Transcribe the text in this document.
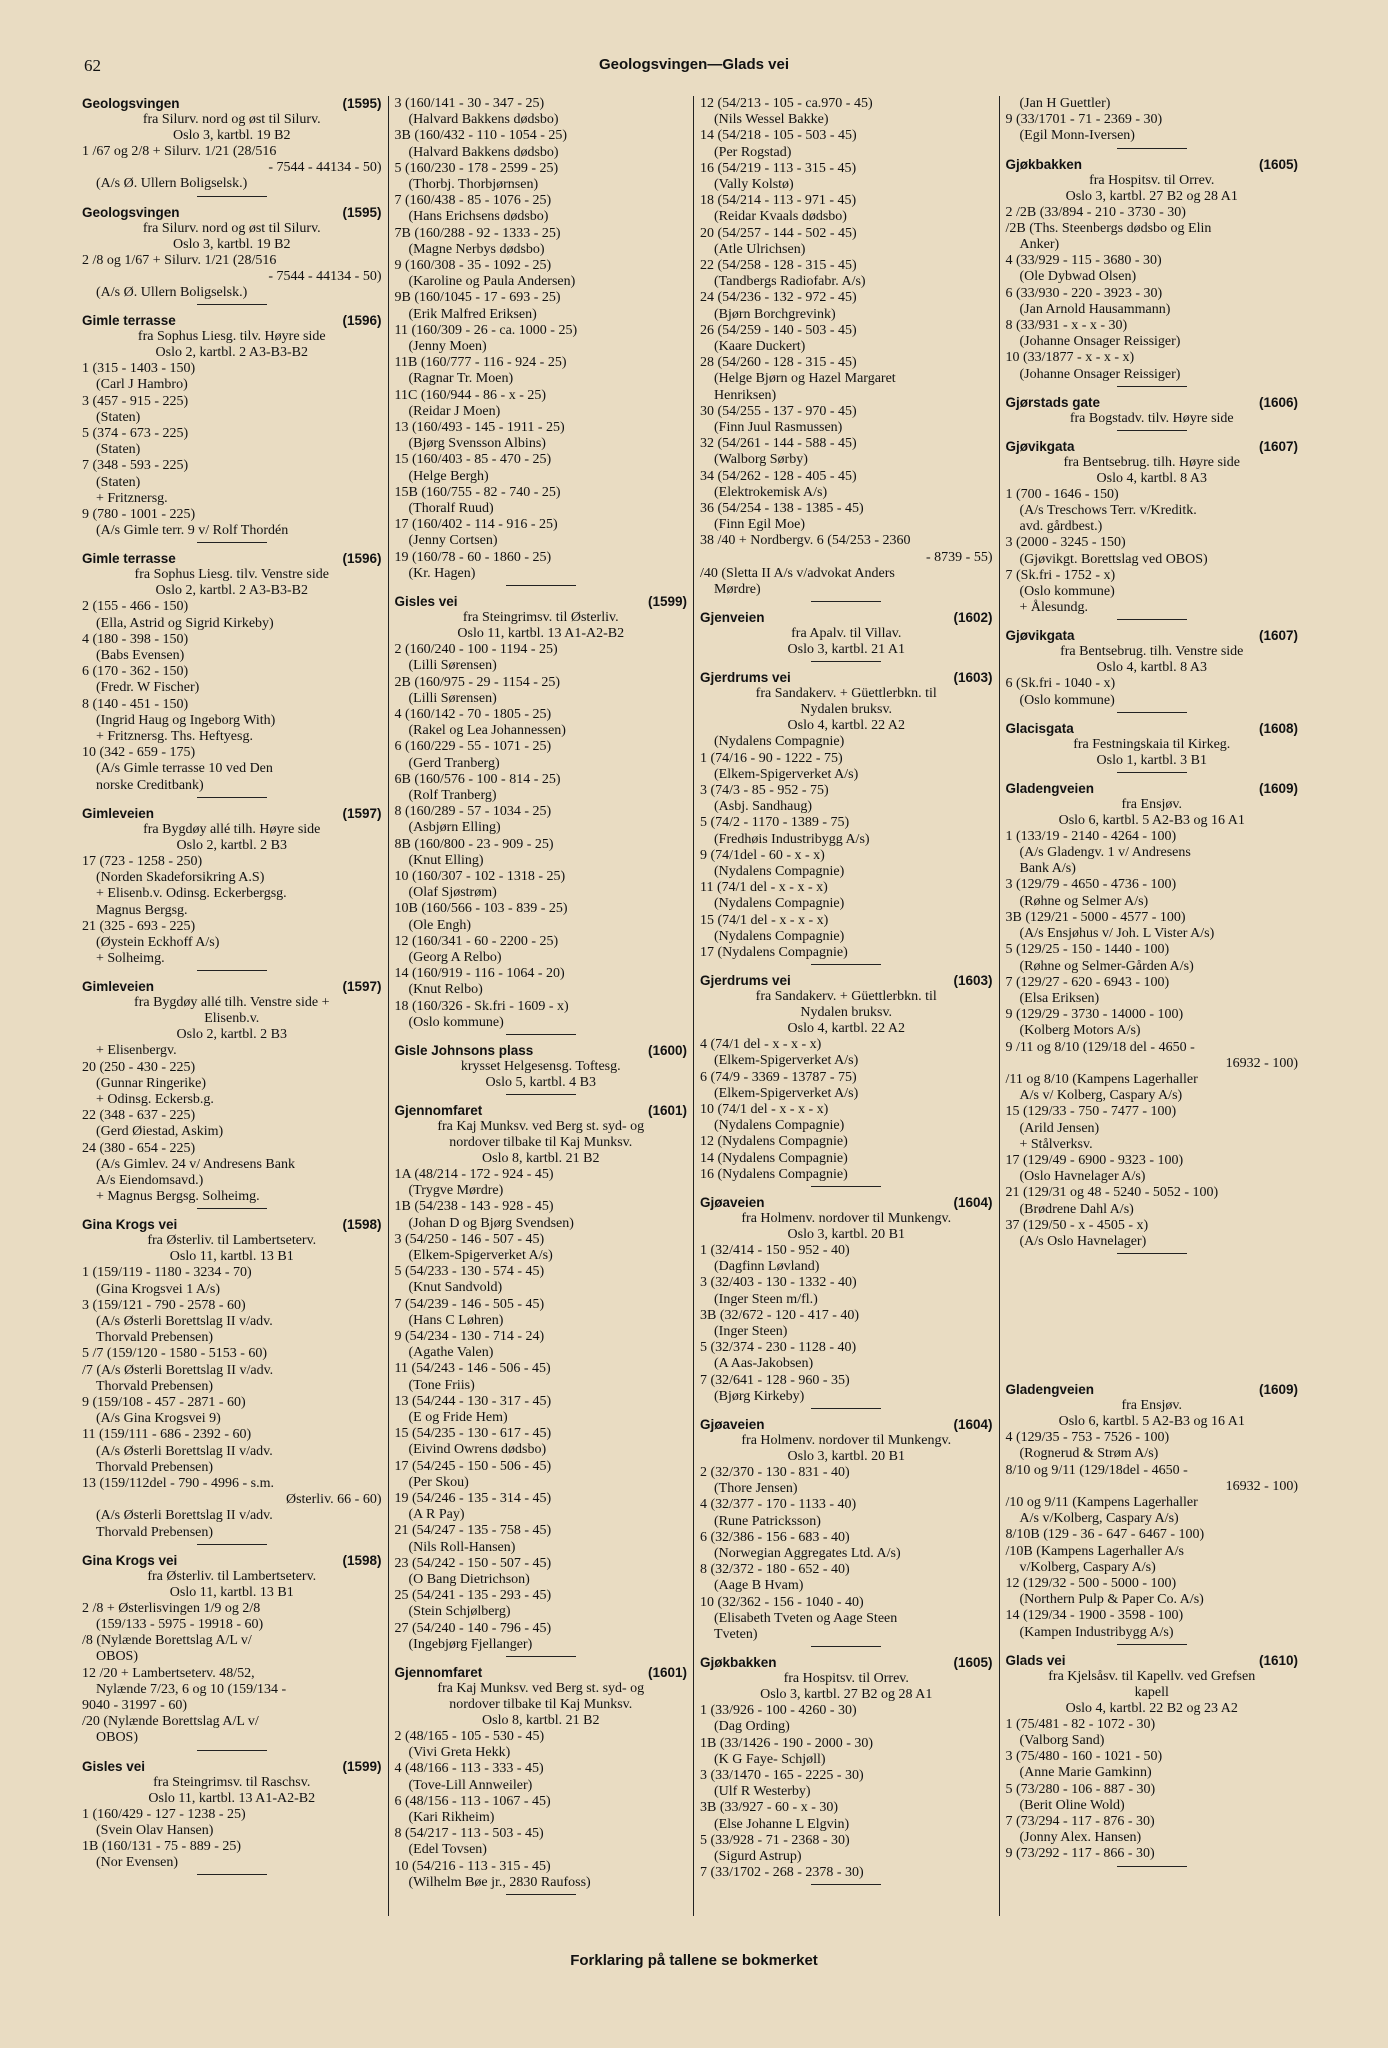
62	Geologsvingen—Glads vei
Geologsvingen	(1595)
fra Silurv. nord og øst til Silurv.
Oslo 3, kartbl. 19 B2
1 /67 og 2/8 + Silurv. 1/21 (28/516
- 7544 - 44134 - 50)
(A/s Ø. Ullern Boligselsk.)
Geologsvingen	(1595)
fra Silurv. nord og øst til Silurv.
Oslo 3, kartbl. 19 B2
2 /8 og 1/67 + Silurv. 1/21 (28/516
- 7544 - 44134 - 50)
(A/s Ø. Ullern Boligselsk.)
Gimle terrasse	(1596)
fra Sophus Liesg. tilv. Høyre side
Oslo 2, kartbl. 2 A3-B3-B2
1 (315 - 1403 - 150)
(Carl J Hambro)
3 (457 - 915 - 225)
(Staten)
5 (374 - 673 - 225)
(Staten)
7 (348 - 593 - 225)
(Staten)
+ Fritznersg.
9 (780 - 1001 - 225)
(A/s Gimle terr. 9 v/ Rolf Thordén
Gimle terrasse	(1596)
fra Sophus Liesg. tilv. Venstre side
Oslo 2, kartbl. 2 A3-B3-B2
2 (155 - 466 - 150)
(Ella, Astrid og Sigrid Kirkeby)
4 (180 - 398 - 150)
(Babs Evensen)
6 (170 - 362 - 150)
(Fredr. W Fischer)
8 (140 - 451 - 150)
(Ingrid Haug og Ingeborg With)
+ Fritznersg. Ths. Heftyesg.
10 (342 - 659 - 175)
(A/s Gimle terrasse 10 ved Den
norske Creditbank)
Gimleveien	(1597)
fra Bygdøy allé tilh. Høyre side
Oslo 2, kartbl. 2 B3
17 (723 - 1258 - 250)
(Norden Skadeforsikring A.S)
+ Elisenb.v. Odinsg. Eckerbergsg.
Magnus Bergsg.
21 (325 - 693 - 225)
(Øystein Eckhoff A/s)
+ Solheimg.
Gimleveien	(1597)
fra Bygdøy allé tilh. Venstre side +
Elisenb.v.
Oslo 2, kartbl. 2 B3
+ Elisenbergv.
20 (250 - 430 - 225)
(Gunnar Ringerike)
+ Odinsg. Eckersb.g.
22 (348 - 637 - 225)
(Gerd Øiestad, Askim)
24 (380 - 654 - 225)
(A/s Gimlev. 24 v/ Andresens Bank
A/s Eiendomsavd.)
+ Magnus Bergsg. Solheimg.
Gina Krogs vei	(1598)
fra Østerliv. til Lambertseterv.
Oslo 11, kartbl. 13 B1
1 (159/119 - 1180 - 3234 - 70)
(Gina Krogsvei 1 A/s)
3 (159/121 - 790 - 2578 - 60)
(A/s Østerli Borettslag II v/adv.
Thorvald Prebensen)
5 /7 (159/120 - 1580 - 5153 - 60)
/7 (A/s Østerli Borettslag II v/adv.
Thorvald Prebensen)
9 (159/108 - 457 - 2871 - 60)
(A/s Gina Krogsvei 9)
11 (159/111 - 686 - 2392 - 60)
(A/s Østerli Borettslag II v/adv.
Thorvald Prebensen)
13 (159/112del - 790 - 4996 - s.m.
Østerliv. 66 - 60)
(A/s Østerli Borettslag II v/adv.
Thorvald Prebensen)
Gina Krogs vei	(1598)
fra Østerliv. til Lambertseterv.
Oslo 11, kartbl. 13 B1
2 /8 + Østerlisvingen 1/9 og 2/8
(159/133 - 5975 - 19918 - 60)
/8 (Nylænde Borettslag A/L v/
OBOS)
12 /20 + Lambertseterv. 48/52,
Nylænde 7/23, 6 og 10 (159/134 -
9040 - 31997 - 60)
/20 (Nylænde Borettslag A/L v/
OBOS)
Gisles vei	(1599)
fra Steingrimsv. til Raschsv.
Oslo 11, kartbl. 13 A1-A2-B2
1 (160/429 - 127 - 1238 - 25)
(Svein Olav Hansen)
1B (160/131 - 75 - 889 - 25)
(Nor Evensen)
3 (160/141 - 30 - 347 - 25)
(Halvard Bakkens dødsbo)
3B (160/432 - 110 - 1054 - 25)
(Halvard Bakkens dødsbo)
5 (160/230 - 178 - 2599 - 25)
(Thorbj. Thorbjørnsen)
7 (160/438 - 85 - 1076 - 25)
(Hans Erichsens dødsbo)
7B (160/288 - 92 - 1333 - 25)
(Magne Nerbys dødsbo)
9 (160/308 - 35 - 1092 - 25)
(Karoline og Paula Andersen)
9B (160/1045 - 17 - 693 - 25)
(Erik Malfred Eriksen)
11 (160/309 - 26 - ca. 1000 - 25)
(Jenny Moen)
11B (160/777 - 116 - 924 - 25)
(Ragnar Tr. Moen)
11C (160/944 - 86 - x - 25)
(Reidar J Moen)
13 (160/493 - 145 - 1911 - 25)
(Bjørg Svensson Albins)
15 (160/403 - 85 - 470 - 25)
(Helge Bergh)
15B (160/755 - 82 - 740 - 25)
(Thoralf Ruud)
17 (160/402 - 114 - 916 - 25)
(Jenny Cortsen)
19 (160/78 - 60 - 1860 - 25)
(Kr. Hagen)
Gisles vei	(1599)
fra Steingrimsv. til Østerliv.
Oslo 11, kartbl. 13 A1-A2-B2
2 (160/240 - 100 - 1194 - 25)
(Lilli Sørensen)
2B (160/975 - 29 - 1154 - 25)
(Lilli Sørensen)
4 (160/142 - 70 - 1805 - 25)
(Rakel og Lea Johannessen)
6 (160/229 - 55 - 1071 - 25)
(Gerd Tranberg)
6B (160/576 - 100 - 814 - 25)
(Rolf Tranberg)
8 (160/289 - 57 - 1034 - 25)
(Asbjørn Elling)
8B (160/800 - 23 - 909 - 25)
(Knut Elling)
10 (160/307 - 102 - 1318 - 25)
(Olaf Sjøstrøm)
10B (160/566 - 103 - 839 - 25)
(Ole Engh)
12 (160/341 - 60 - 2200 - 25)
(Georg A Relbo)
14 (160/919 - 116 - 1064 - 20)
(Knut Relbo)
18 (160/326 - Sk.fri - 1609 - x)
(Oslo kommune)
Gisle Johnsons plass	(1600)
krysset Helgesensg. Toftesg.
Oslo 5, kartbl. 4 B3
Gjennomfaret	(1601)
fra Kaj Munksv. ved Berg st. syd- og
nordover tilbake til Kaj Munksv.
Oslo 8, kartbl. 21 B2
1A (48/214 - 172 - 924 - 45)
(Trygve Mørdre)
1B (54/238 - 143 - 928 - 45)
(Johan D og Bjørg Svendsen)
3 (54/250 - 146 - 507 - 45)
(Elkem-Spigerverket A/s)
5 (54/233 - 130 - 574 - 45)
(Knut Sandvold)
7 (54/239 - 146 - 505 - 45)
(Hans C Løhren)
9 (54/234 - 130 - 714 - 24)
(Agathe Valen)
11 (54/243 - 146 - 506 - 45)
(Tone Friis)
13 (54/244 - 130 - 317 - 45)
(E og Fride Hem)
15 (54/235 - 130 - 617 - 45)
(Eivind Owrens dødsbo)
17 (54/245 - 150 - 506 - 45)
(Per Skou)
19 (54/246 - 135 - 314 - 45)
(A R Pay)
21 (54/247 - 135 - 758 - 45)
(Nils Roll-Hansen)
23 (54/242 - 150 - 507 - 45)
(O Bang Dietrichson)
25 (54/241 - 135 - 293 - 45)
(Stein Schjølberg)
27 (54/240 - 140 - 796 - 45)
(Ingebjørg Fjellanger)
Gjennomfaret	(1601)
fra Kaj Munksv. ved Berg st. syd- og
nordover tilbake til Kaj Munksv.
Oslo 8, kartbl. 21 B2
2 (48/165 - 105 - 530 - 45)
(Vivi Greta Hekk)
4 (48/166 - 113 - 333 - 45)
(Tove-Lill Annweiler)
6 (48/156 - 113 - 1067 - 45)
(Kari Rikheim)
8 (54/217 - 113 - 503 - 45)
(Edel Tovsen)
10 (54/216 - 113 - 315 - 45)
(Wilhelm Bøe jr., 2830 Raufoss)
12 (54/213 - 105 - ca.970 - 45)
(Nils Wessel Bakke)
14 (54/218 - 105 - 503 - 45)
(Per Rogstad)
16 (54/219 - 113 - 315 - 45)
(Vally Kolstø)
18 (54/214 - 113 - 971 - 45)
(Reidar Kvaals dødsbo)
20 (54/257 - 144 - 502 - 45)
(Atle Ulrichsen)
22 (54/258 - 128 - 315 - 45)
(Tandbergs Radiofabr. A/s)
24 (54/236 - 132 - 972 - 45)
(Bjørn Borchgrevink)
26 (54/259 - 140 - 503 - 45)
(Kaare Duckert)
28 (54/260 - 128 - 315 - 45)
(Helge Bjørn og Hazel Margaret
Henriksen)
30 (54/255 - 137 - 970 - 45)
(Finn Juul Rasmussen)
32 (54/261 - 144 - 588 - 45)
(Walborg Sørby)
34 (54/262 - 128 - 405 - 45)
(Elektrokemisk A/s)
36 (54/254 - 138 - 1385 - 45)
(Finn Egil Moe)
38 /40 + Nordbergv. 6 (54/253 - 2360
- 8739 - 55)
/40 (Sletta II A/s v/advokat Anders
Mørdre)
Gjenveien	(1602)
fra Apalv. til Villav.
Oslo 3, kartbl. 21 A1
Gjerdrums vei	(1603)
fra Sandakerv. + Güettlerbkn. til
Nydalen bruksv.
Oslo 4, kartbl. 22 A2
(Nydalens Compagnie)
1 (74/16 - 90 - 1222 - 75)
(Elkem-Spigerverket A/s)
3 (74/3 - 85 - 952 - 75)
(Asbj. Sandhaug)
5 (74/2 - 1170 - 1389 - 75)
(Fredhøis Industribygg A/s)
9 (74/1del - 60 - x - x)
(Nydalens Compagnie)
11 (74/1 del - x - x - x)
(Nydalens Compagnie)
15 (74/1 del - x - x - x)
(Nydalens Compagnie)
17 (Nydalens Compagnie)
Gjerdrums vei	(1603)
fra Sandakerv. + Güettlerbkn. til
Nydalen bruksv.
Oslo 4, kartbl. 22 A2
4 (74/1 del - x - x - x)
(Elkem-Spigerverket A/s)
6 (74/9 - 3369 - 13787 - 75)
(Elkem-Spigerverket A/s)
10 (74/1 del - x - x - x)
(Nydalens Compagnie)
12 (Nydalens Compagnie)
14 (Nydalens Compagnie)
16 (Nydalens Compagnie)
Gjøaveien	(1604)
fra Holmenv. nordover til Munkengv.
Oslo 3, kartbl. 20 B1
1 (32/414 - 150 - 952 - 40)
(Dagfinn Løvland)
3 (32/403 - 130 - 1332 - 40)
(Inger Steen m/fl.)
3B (32/672 - 120 - 417 - 40)
(Inger Steen)
5 (32/374 - 230 - 1128 - 40)
(A Aas-Jakobsen)
7 (32/641 - 128 - 960 - 35)
(Bjørg Kirkeby)
Gjøaveien	(1604)
fra Holmenv. nordover til Munkengv.
Oslo 3, kartbl. 20 B1
2 (32/370 - 130 - 831 - 40)
(Thore Jensen)
4 (32/377 - 170 - 1133 - 40)
(Rune Patricksson)
6 (32/386 - 156 - 683 - 40)
(Norwegian Aggregates Ltd. A/s)
8 (32/372 - 180 - 652 - 40)
(Aage B Hvam)
10 (32/362 - 156 - 1040 - 40)
(Elisabeth Tveten og Aage Steen
Tveten)
Gjøkbakken	(1605)
fra Hospitsv. til Orrev.
Oslo 3, kartbl. 27 B2 og 28 A1
1 (33/926 - 100 - 4260 - 30)
(Dag Ording)
1B (33/1426 - 190 - 2000 - 30)
(K G Faye- Schjøll)
3 (33/1470 - 165 - 2225 - 30)
(Ulf R Westerby)
3B (33/927 - 60 - x - 30)
(Else Johanne L Elgvin)
5 (33/928 - 71 - 2368 - 30)
(Sigurd Astrup)
7 (33/1702 - 268 - 2378 - 30)
(Jan H Guettler)
9 (33/1701 - 71 - 2369 - 30)
(Egil Monn-Iversen)
Gjøkbakken	(1605)
fra Hospitsv. til Orrev.
Oslo 3, kartbl. 27 B2 og 28 A1
2 /2B (33/894 - 210 - 3730 - 30)
/2B (Ths. Steenbergs dødsbo og Elin
Anker)
4 (33/929 - 115 - 3680 - 30)
(Ole Dybwad Olsen)
6 (33/930 - 220 - 3923 - 30)
(Jan Arnold Hausammann)
8 (33/931 - x - x - 30)
(Johanne Onsager Reissiger)
10 (33/1877 - x - x - x)
(Johanne Onsager Reissiger)
Gjørstads gate	(1606)
fra Bogstadv. tilv. Høyre side
Gjøvikgata	(1607)
fra Bentsebrug. tilh. Høyre side
Oslo 4, kartbl. 8 A3
1 (700 - 1646 - 150)
(A/s Treschows Terr. v/Kreditk.
avd. gårdbest.)
3 (2000 - 3245 - 150)
(Gjøvikgt. Borettslag ved OBOS)
7 (Sk.fri - 1752 - x)
(Oslo kommune)
+ Ålesundg.
Gjøvikgata	(1607)
fra Bentsebrug. tilh. Venstre side
Oslo 4, kartbl. 8 A3
6 (Sk.fri - 1040 - x)
(Oslo kommune)
Glacisgata	(1608)
fra Festningskaia til Kirkeg.
Oslo 1, kartbl. 3 B1
Gladengveien	(1609)
fra Ensjøv.
Oslo 6, kartbl. 5 A2-B3 og 16 A1
1 (133/19 - 2140 - 4264 - 100)
(A/s Gladengv. 1 v/ Andresens
Bank A/s)
3 (129/79 - 4650 - 4736 - 100)
(Røhne og Selmer A/s)
3B (129/21 - 5000 - 4577 - 100)
(A/s Ensjøhus v/ Joh. L Vister A/s)
5 (129/25 - 150 - 1440 - 100)
(Røhne og Selmer-Gården A/s)
7 (129/27 - 620 - 6943 - 100)
(Elsa Eriksen)
9 (129/29 - 3730 - 14000 - 100)
(Kolberg Motors A/s)
9 /11 og 8/10 (129/18 del - 4650 -
16932 - 100)
/11 og 8/10 (Kampens Lagerhaller
A/s v/ Kolberg, Caspary A/s)
15 (129/33 - 750 - 7477 - 100)
(Arild Jensen)
+ Stålverksv.
17 (129/49 - 6900 - 9323 - 100)
(Oslo Havnelager A/s)
21 (129/31 og 48 - 5240 - 5052 - 100)
(Brødrene Dahl A/s)
37 (129/50 - x - 4505 - x)
(A/s Oslo Havnelager)
Gladengveien	(1609)
fra Ensjøv.
Oslo 6, kartbl. 5 A2-B3 og 16 A1
4 (129/35 - 753 - 7526 - 100)
(Rognerud & Strøm A/s)
8/10 og 9/11 (129/18del - 4650 -
16932 - 100)
/10 og 9/11 (Kampens Lagerhaller
A/s v/Kolberg, Caspary A/s)
8/10B (129 - 36 - 647 - 6467 - 100)
/10B (Kampens Lagerhaller A/s
v/Kolberg, Caspary A/s)
12 (129/32 - 500 - 5000 - 100)
(Northern Pulp & Paper Co. A/s)
14 (129/34 - 1900 - 3598 - 100)
(Kampen Industribygg A/s)
Glads vei	(1610)
fra Kjelsåsv. til Kapellv. ved Grefsen
kapell
Oslo 4, kartbl. 22 B2 og 23 A2
1 (75/481 - 82 - 1072 - 30)
(Valborg Sand)
3 (75/480 - 160 - 1021 - 50)
(Anne Marie Gamkinn)
5 (73/280 - 106 - 887 - 30)
(Berit Oline Wold)
7 (73/294 - 117 - 876 - 30)
(Jonny Alex. Hansen)
9 (73/292 - 117 - 866 - 30)
Forklaring på tallene se bokmerket
